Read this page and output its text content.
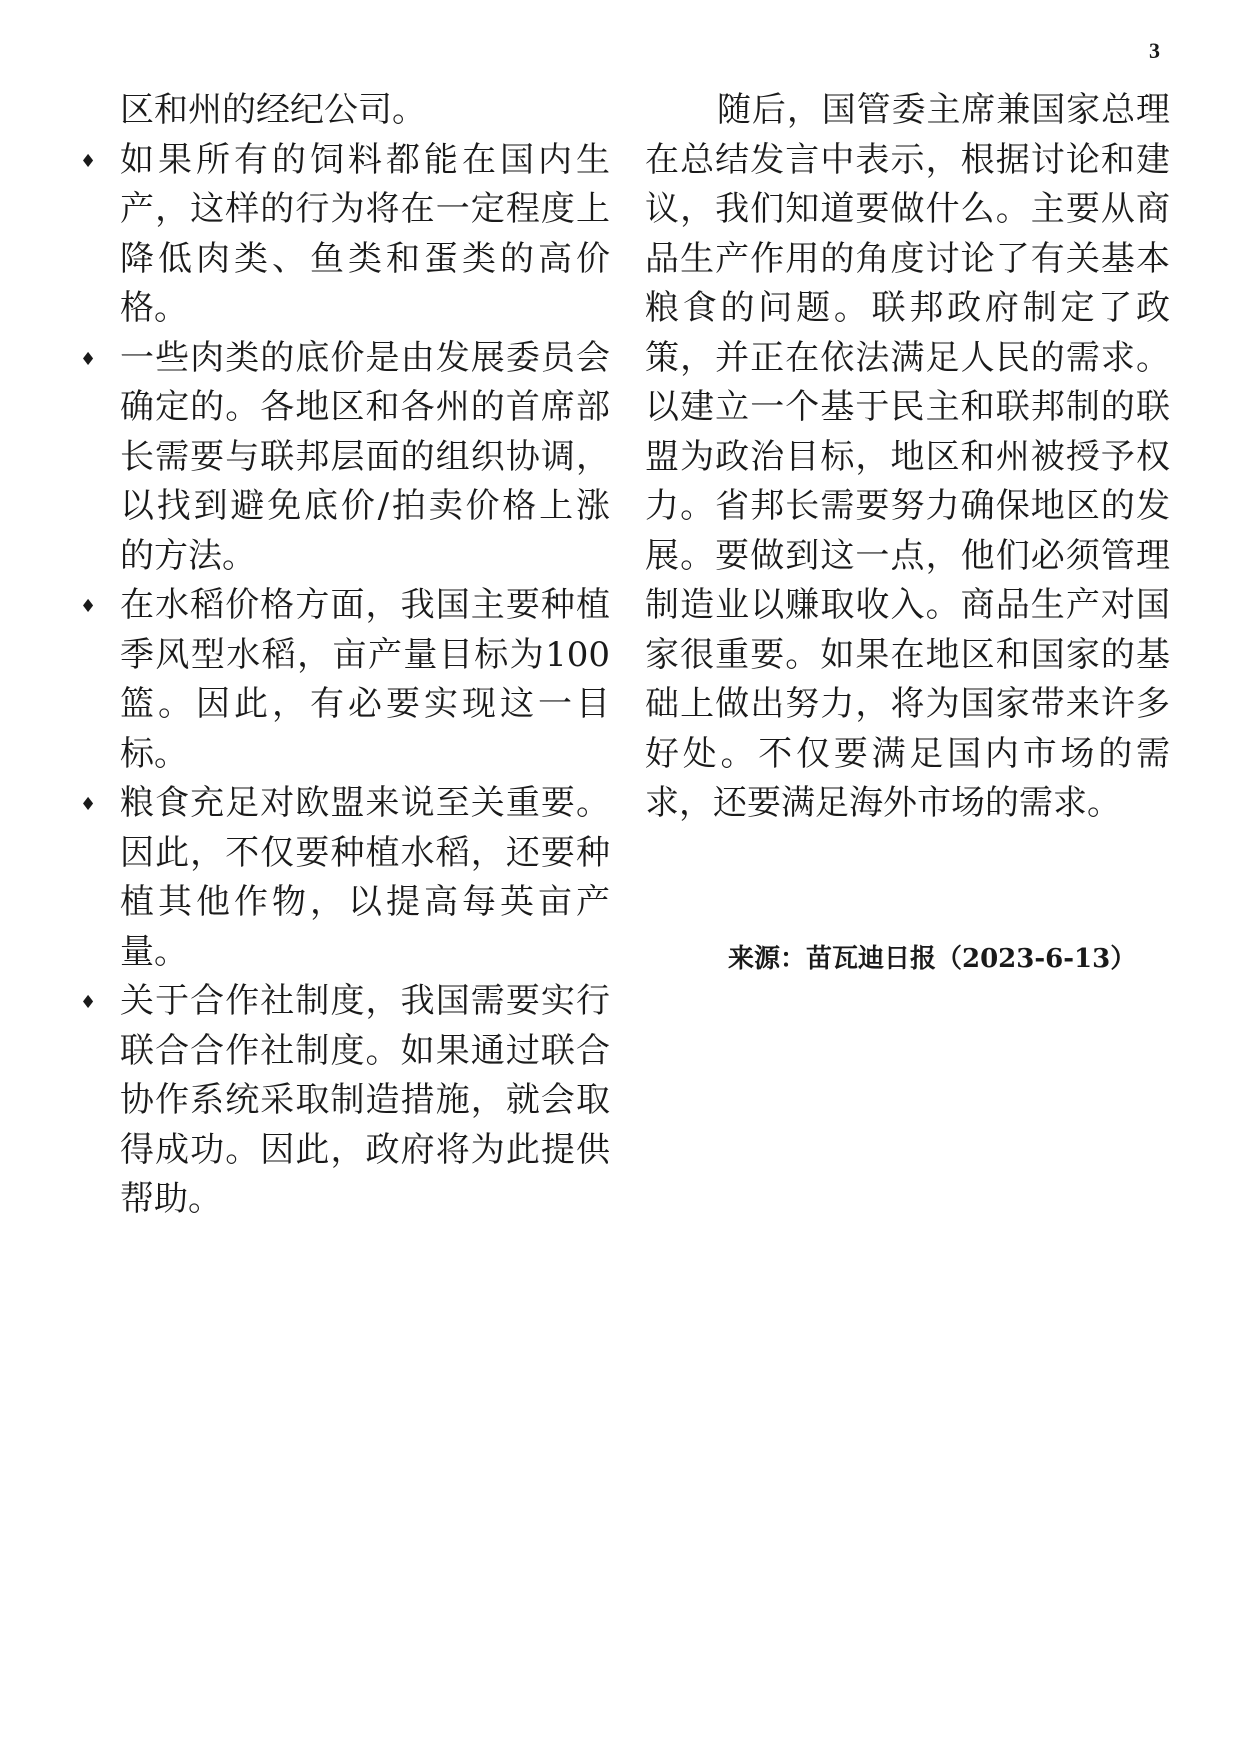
3
区和州的经纪公司。
♦ 如果所有的饲料都能在国内生
产，这样的行为将在一定程度上
降低肉类、鱼类和蛋类的高价
格。
♦ 一些肉类的底价是由发展委员会
确定的。各地区和各州的首席部
长需要与联邦层面的组织协调，
以找到避免底价/拍卖价格上涨
的方法。
♦ 在水稻价格方面，我国主要种植
季风型水稻，亩产量目标为100
篮。因此，有必要实现这一目
标。
♦ 粮食充足对欧盟来说至关重要。
因此，不仅要种植水稻，还要种
植其他作物，以提高每英亩产
量。
♦ 关于合作社制度，我国需要实行
联合合作社制度。如果通过联合
协作系统采取制造措施，就会取
得成功。因此，政府将为此提供
帮助。
随后，国管委主席兼国家总理
在总结发言中表示，根据讨论和建
议，我们知道要做什么。主要从商
品生产作用的角度讨论了有关基本
粮食的问题。联邦政府制定了政
策，并正在依法满足人民的需求。
以建立一个基于民主和联邦制的联
盟为政治目标，地区和州被授予权
力。省邦长需要努力确保地区的发
展。要做到这一点，他们必须管理
制造业以赚取收入。商品生产对国
家很重要。如果在地区和国家的基
础上做出努力，将为国家带来许多
好处。不仅要满足国内市场的需
求，还要满足海外市场的需求。
来源：苗瓦迪日报（2023-6-13）
